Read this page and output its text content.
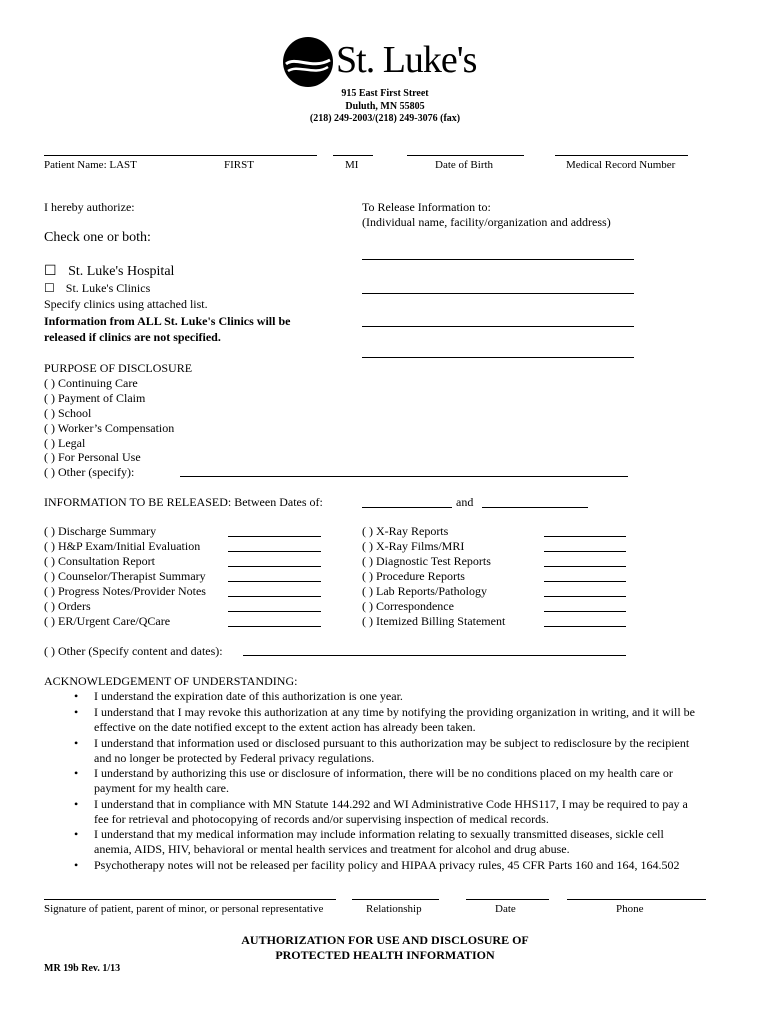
St. Luke's
915 East First Street
Duluth, MN 55805
(218) 249-2003/(218) 249-3076 (fax)
Patient Name: LAST	FIRST	MI	Date of Birth	Medical Record Number
I hereby authorize:	To Release Information to:
(Individual name, facility/organization and address)
Check one or both:
☐ St. Luke's Hospital
☐ St. Luke's Clinics
Specify clinics using attached list.
Information from ALL St. Luke's Clinics will be
released if clinics are not specified.
PURPOSE OF DISCLOSURE
( ) Continuing Care
( ) Payment of Claim
( ) School
( ) Worker’s Compensation
( ) Legal
( ) For Personal Use
( ) Other (specify):
INFORMATION TO BE RELEASED: Between Dates of:	and
( ) Discharge Summary
( ) H&P Exam/Initial Evaluation
( ) Consultation Report
( ) Counselor/Therapist Summary
( ) Progress Notes/Provider Notes
( ) Orders
( ) ER/Urgent Care/QCare
( ) X-Ray Reports
( ) X-Ray Films/MRI
( ) Diagnostic Test Reports
( ) Procedure Reports
( ) Lab Reports/Pathology
( ) Correspondence
( ) Itemized Billing Statement
( ) Other (Specify content and dates):
ACKNOWLEDGEMENT OF UNDERSTANDING:
• I understand the expiration date of this authorization is one year.
• I understand that I may revoke this authorization at any time by notifying the providing organization in writing, and it will be
effective on the date notified except to the extent action has already been taken.
• I understand that information used or disclosed pursuant to this authorization may be subject to redisclosure by the recipient
and no longer be protected by Federal privacy regulations.
• I understand by authorizing this use or disclosure of information, there will be no conditions placed on my health care or
payment for my health care.
• I understand that in compliance with MN Statute 144.292 and WI Administrative Code HHS117, I may be required to pay a
fee for retrieval and photocopying of records and/or supervising inspection of medical records.
• I understand that my medical information may include information relating to sexually transmitted diseases, sickle cell
anemia, AIDS, HIV, behavioral or mental health services and treatment for alcohol and drug abuse.
• Psychotherapy notes will not be released per facility policy and HIPAA privacy rules, 45 CFR Parts 160 and 164, 164.502
Signature of patient, parent of minor, or personal representative	Relationship	Date	Phone
AUTHORIZATION FOR USE AND DISCLOSURE OF
PROTECTED HEALTH INFORMATION
MR 19b Rev. 1/13
